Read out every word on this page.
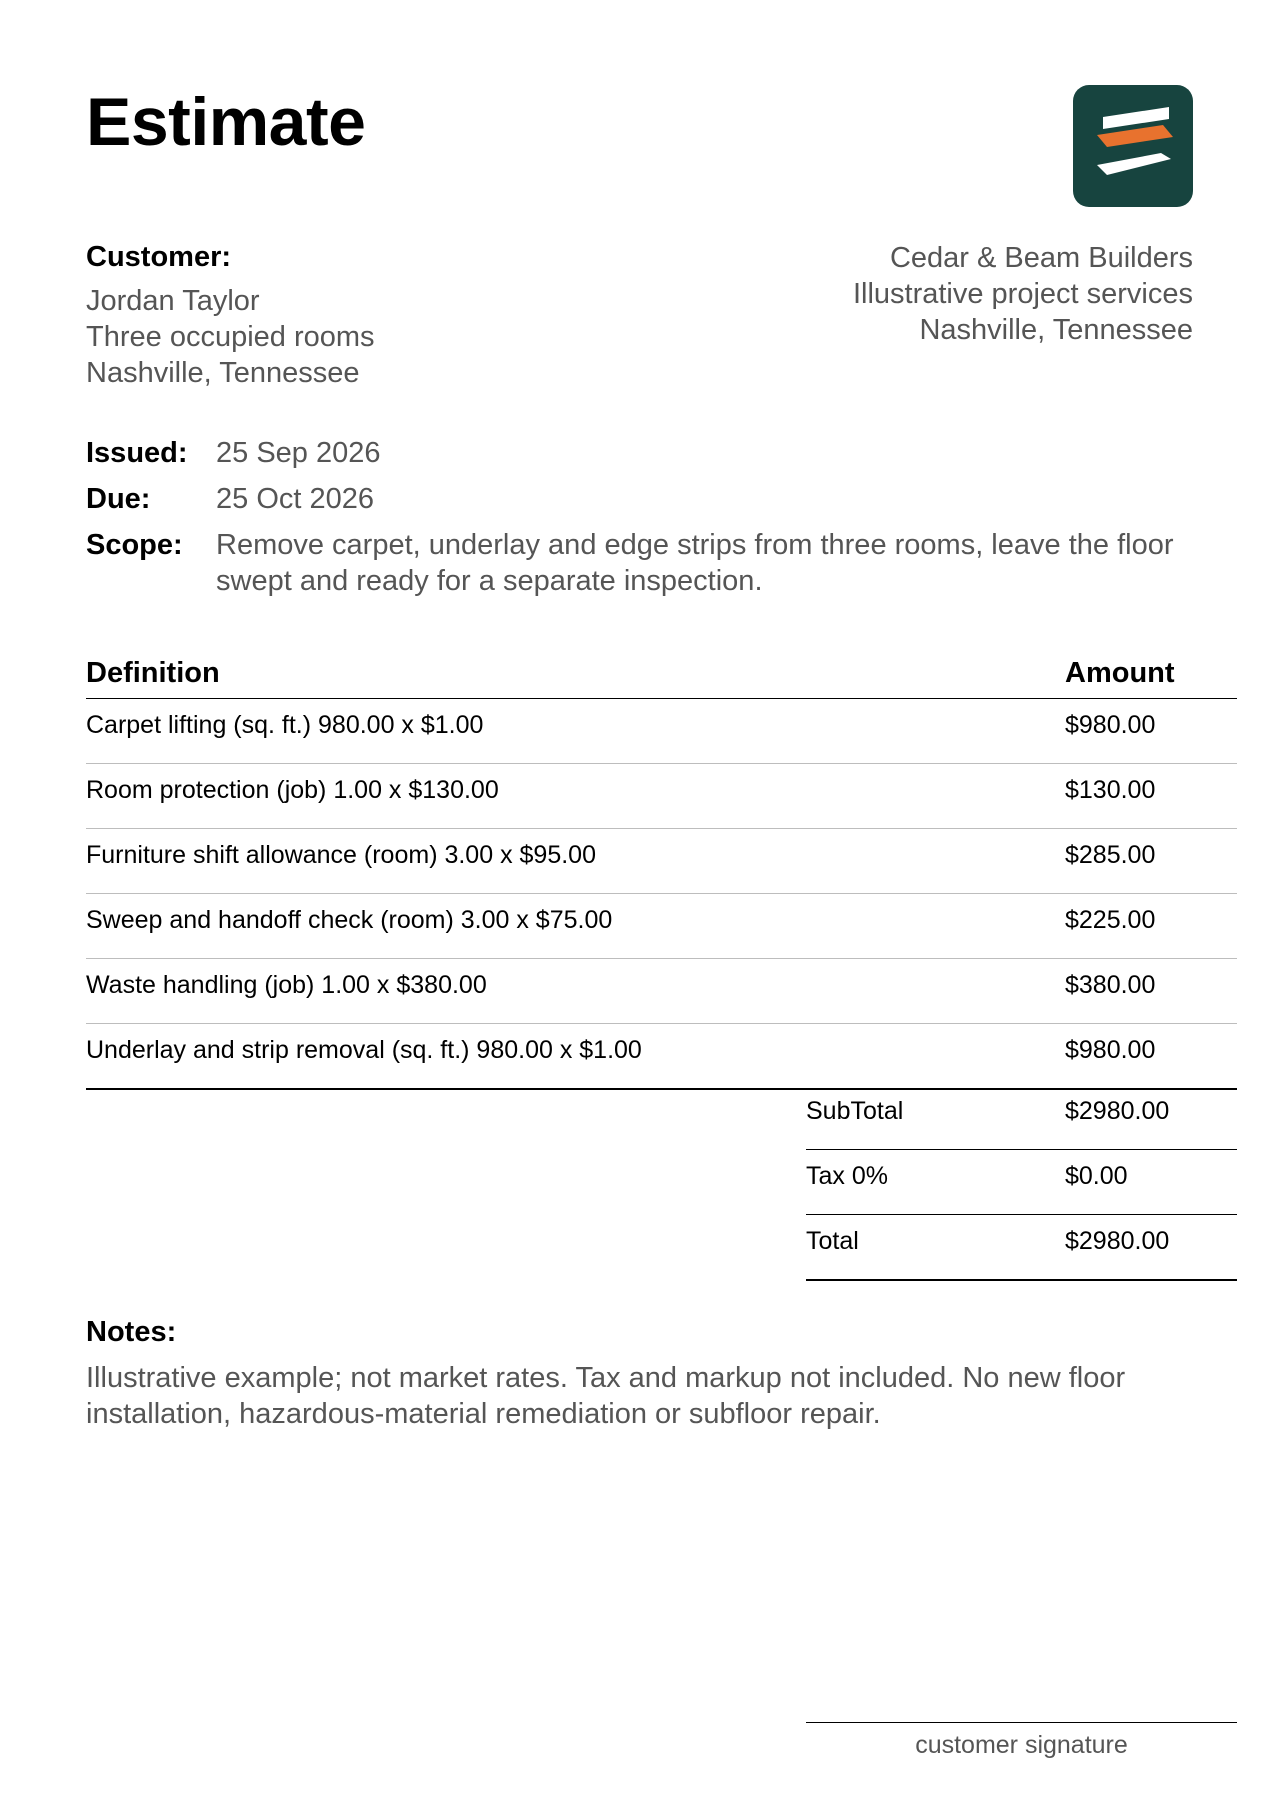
Estimate
Customer:
Jordan Taylor
Three occupied rooms
Nashville, Tennessee
Cedar & Beam Builders
Illustrative project services
Nashville, Tennessee
Issued: 25 Sep 2026
Due:	25 Oct 2026
Scope:	Remove carpet, underlay and edge strips from three rooms, leave the floor swept and ready for a separate inspection.
Definition	Amount
Carpet lifting (sq. ft.) 980.00 x $1.00	$980.00
Room protection (job) 1.00 x $130.00	$130.00
Furniture shift allowance (room) 3.00 x $95.00	$285.00
Sweep and handoff check (room) 3.00 x $75.00	$225.00
Waste handling (job) 1.00 x $380.00	$380.00
Underlay and strip removal (sq. ft.) 980.00 x $1.00	$980.00
SubTotal	$2980.00
Tax 0%	$0.00
Total	$2980.00
Notes:
Illustrative example; not market rates. Tax and markup not included. No new floor installation, hazardous-material remediation or subfloor repair.
customer signature
